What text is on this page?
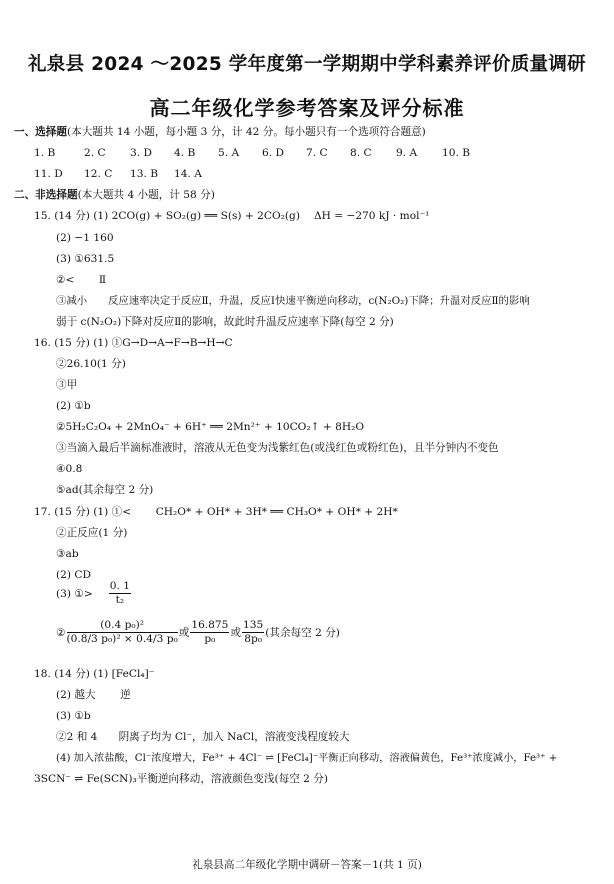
礼泉县 2024 ～2025 学年度第一学期期中学科素养评价质量调研
高二年级化学参考答案及评分标准
一、选择题(本大题共 14 小题，每小题 3 分，计 42 分。每小题只有一个选项符合题意)
1. B	2. C 3. D 4. B 5. A 6. D 7. C 8. C 9. A 10. B
11. D 12. C 13. B 14. A
二、非选择题(本大题共 4 小题，计 58 分)
15. (14 分) (1) 2CO(g) + SO₂(g) ══ S(s) + 2CO₂(g)　 ΔH = −270 kJ · mol⁻¹
(2) −1 160
(3) ①631.5
②<　　 Ⅱ
③减小　　反应速率决定于反应Ⅱ，升温，反应Ⅰ快速平衡逆向移动，c(N₂O₂)下降；升温对反应Ⅱ的影响
弱于 c(N₂O₂)下降对反应Ⅱ的影响，故此时升温反应速率下降(每空 2 分)
16. (15 分) (1) ①G→D→A→F→B→H→C
②26.10(1 分)
③甲
(2) ①b
②5H₂C₂O₄ + 2MnO₄⁻ + 6H⁺ ══ 2Mn²⁺ + 10CO₂↑ + 8H₂O
③当滴入最后半滴标准液时，溶液从无色变为浅紫红色(或浅红色或粉红色)，且半分钟内不变色
④0.8
⑤ad(其余每空 2 分)
17. (15 分) (1) ①<　　 CH₂O* + OH* + 3H* ══ CH₃O* + OH* + 2H*
②正反应(1 分)
③ab
(2) CD
(3) ①> $\frac{0. 1}{\text{t₂}}$
② $\frac{\text{(0.4 p₀)²}}{\text{(0.8/3 p₀)² × 0.4/3 p₀}}$ 或 $\frac{16.875}{\text{p₀}}$ 或 $\frac{135}{\text{8p₀}}$ (其余每空 2 分)
18. (14 分) (1) [FeCl₄]⁻
(2) 越大　　 逆
(3) ①b
②2 和 4　　阴离子均为 Cl⁻，加入 NaCl，溶液变浅程度较大
(4) 加入浓盐酸，Cl⁻浓度增大，Fe³⁺ + 4Cl⁻ ⇌ [FeCl₄]⁻平衡正向移动，溶液偏黄色，Fe³⁺浓度减小，Fe³⁺ +
3SCN⁻ ⇌ Fe(SCN)₃平衡逆向移动，溶液颜色变浅(每空 2 分)
礼泉县高二年级化学期中调研－答案－1(共 1 页)
